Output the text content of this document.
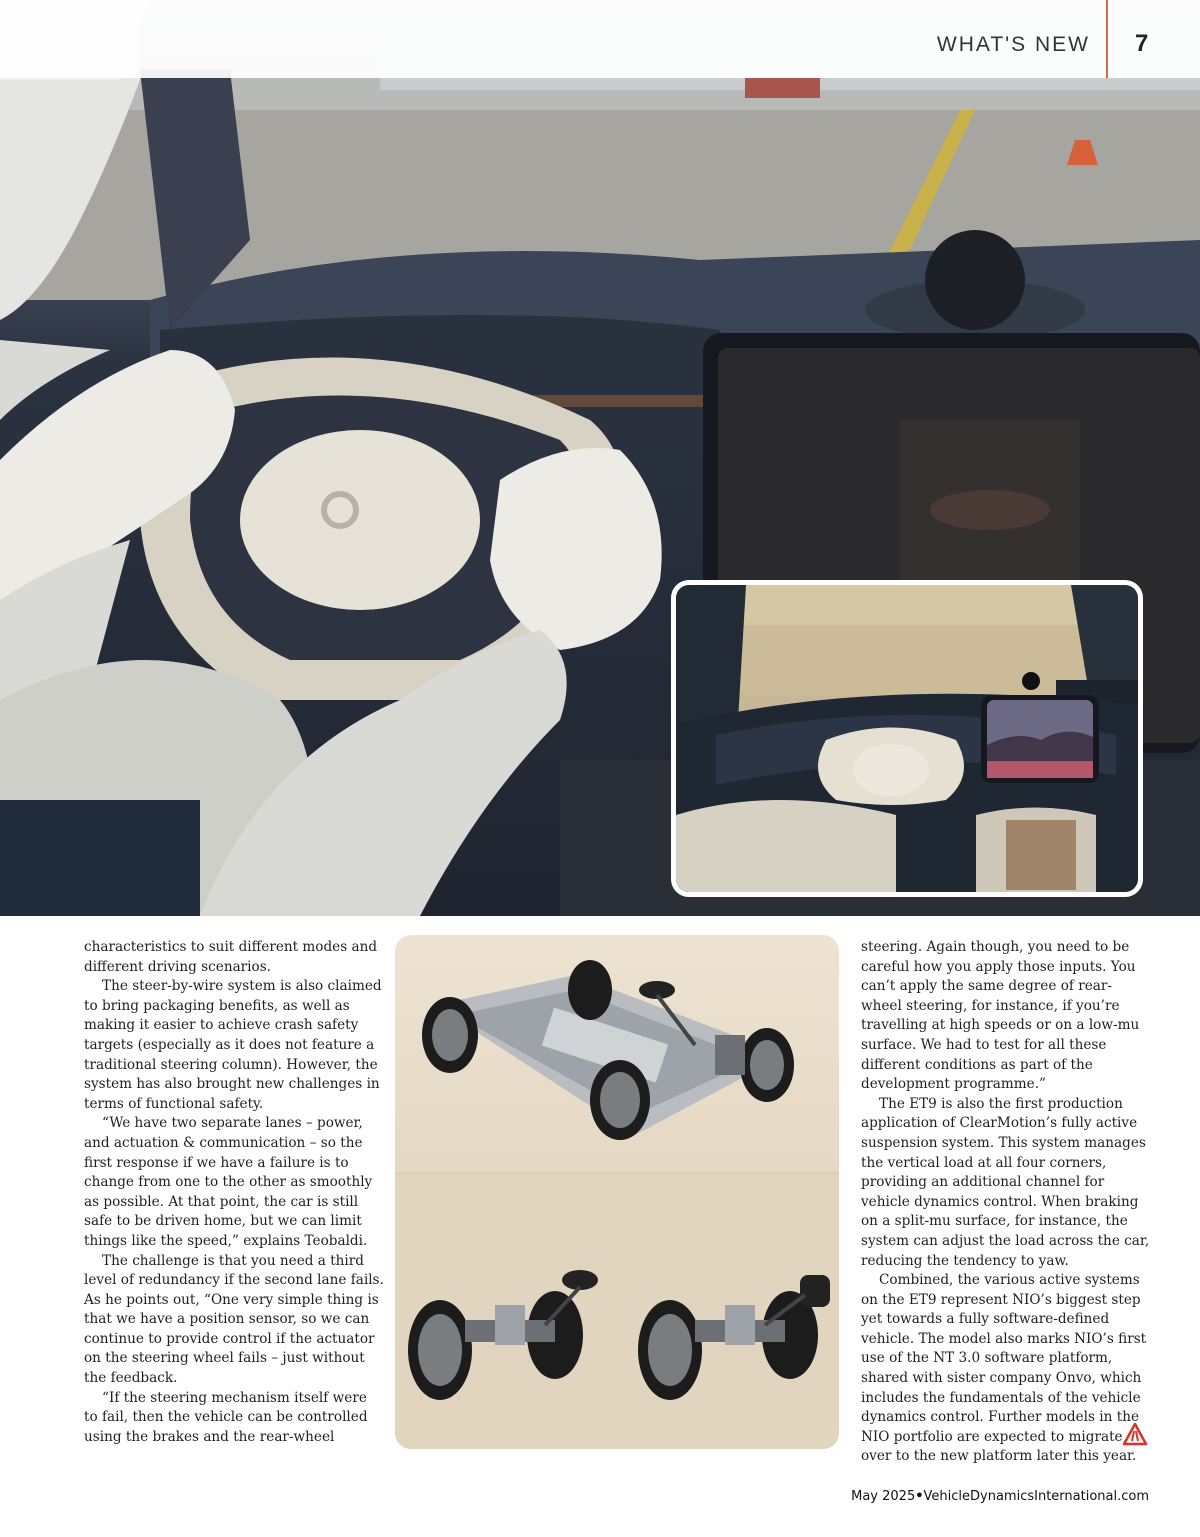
WHAT'S NEW 7

characteristics to suit different modes and different driving scenarios.

The steer-by-wire system is also claimed to bring packaging benefits, as well as making it easier to achieve crash safety targets (especially as it does not feature a traditional steering column). However, the system has also brought new challenges in terms of functional safety.

“We have two separate lanes – power, and actuation & communication – so the first response if we have a failure is to change from one to the other as smoothly as possible. At that point, the car is still safe to be driven home, but we can limit things like the speed,” explains Teobaldi.

The challenge is that you need a third level of redundancy if the second lane fails. As he points out, “One very simple thing is that we have a position sensor, so we can continue to provide control if the actuator on the steering wheel fails – just without the feedback.

“If the steering mechanism itself were to fail, then the vehicle can be controlled using the brakes and the rear-wheel

steering. Again though, you need to be careful how you apply those inputs. You can’t apply the same degree of rear-wheel steering, for instance, if you’re travelling at high speeds or on a low-mu surface. We had to test for all these different conditions as part of the development programme.”

The ET9 is also the first production application of ClearMotion’s fully active suspension system. This system manages the vertical load at all four corners, providing an additional channel for vehicle dynamics control. When braking on a split-mu surface, for instance, the system can adjust the load across the car, reducing the tendency to yaw.

Combined, the various active systems on the ET9 represent NIO’s biggest step yet towards a fully software-defined vehicle. The model also marks NIO’s first use of the NT 3.0 software platform, shared with sister company Onvo, which includes the fundamentals of the vehicle dynamics control. Further models in the NIO portfolio are expected to migrate over to the new platform later this year.

May 2025•VehicleDynamicsInternational.com
